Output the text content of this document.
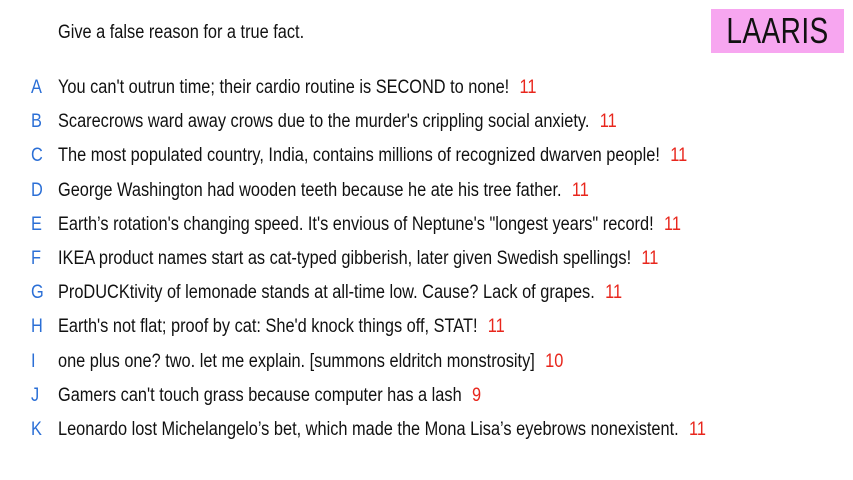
Give a false reason for a true fact.	LAARIS
A You can't outrun time; their cardio routine is SECOND to none! 11
B Scarecrows ward away crows due to the murder's crippling social anxiety. 11
C The most populated country, India, contains millions of recognized dwarven people! 11
D George Washington had wooden teeth because he ate his tree father. 11
E Earth’s rotation's changing speed. It's envious of Neptune's "longest years" record! 11
F IKEA product names start as cat-typed gibberish, later given Swedish spellings! 11
G ProDUCKtivity of lemonade stands at all-time low. Cause? Lack of grapes. 11
H Earth's not flat; proof by cat: She'd knock things off, STAT! 11
I	one plus one? two. let me explain. [summons eldritch monstrosity] 10
J Gamers can't touch grass because computer has a lash 9
K Leonardo lost Michelangelo’s bet, which made the Mona Lisa’s eyebrows nonexistent. 11
